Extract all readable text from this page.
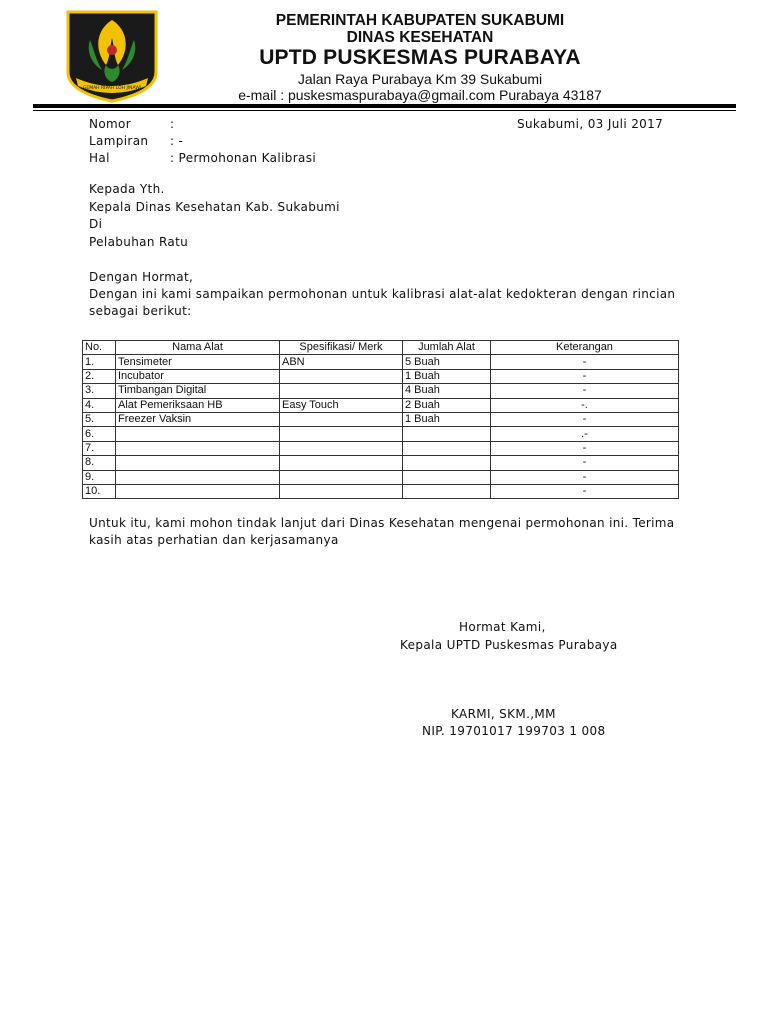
GEMAH RIPAH LOH JINAWI
PEMERINTAH KABUPATEN SUKABUMI
DINAS KESEHATAN
UPTD PUSKESMAS PURABAYA
Jalan Raya Purabaya Km 39 Sukabumi
e-mail : puskesmaspurabaya@gmail.com Purabaya 43187
Nomor	:	Sukabumi, 03 Juli 2017
Lampiran : -
Hal	: Permohonan Kalibrasi
Kepada Yth.
Kepala Dinas Kesehatan Kab. Sukabumi
Di
Pelabuhan Ratu
Dengan Hormat,
Dengan ini kami sampaikan permohonan untuk kalibrasi alat-alat kedokteran dengan rincian
sebagai berikut:
No.	Nama Alat	Spesifikasi/ Merk	Jumlah Alat	Keterangan
1.	Tensimeter	ABN	5 Buah	-
2.	Incubator		1 Buah	-
3.	Timbangan Digital		4 Buah	-
4.	Alat Pemeriksaan HB	Easy Touch	2 Buah	-.
5.	Freezer Vaksin		1 Buah	-
6.				.-
7.				-
8.				-
9.				-
10.				-
Untuk itu, kami mohon tindak lanjut dari Dinas Kesehatan mengenai permohonan ini. Terima
kasih atas perhatian dan kerjasamanya
Hormat Kami,
Kepala UPTD Puskesmas Purabaya
KARMI, SKM.,MM
NIP. 19701017 199703 1 008
